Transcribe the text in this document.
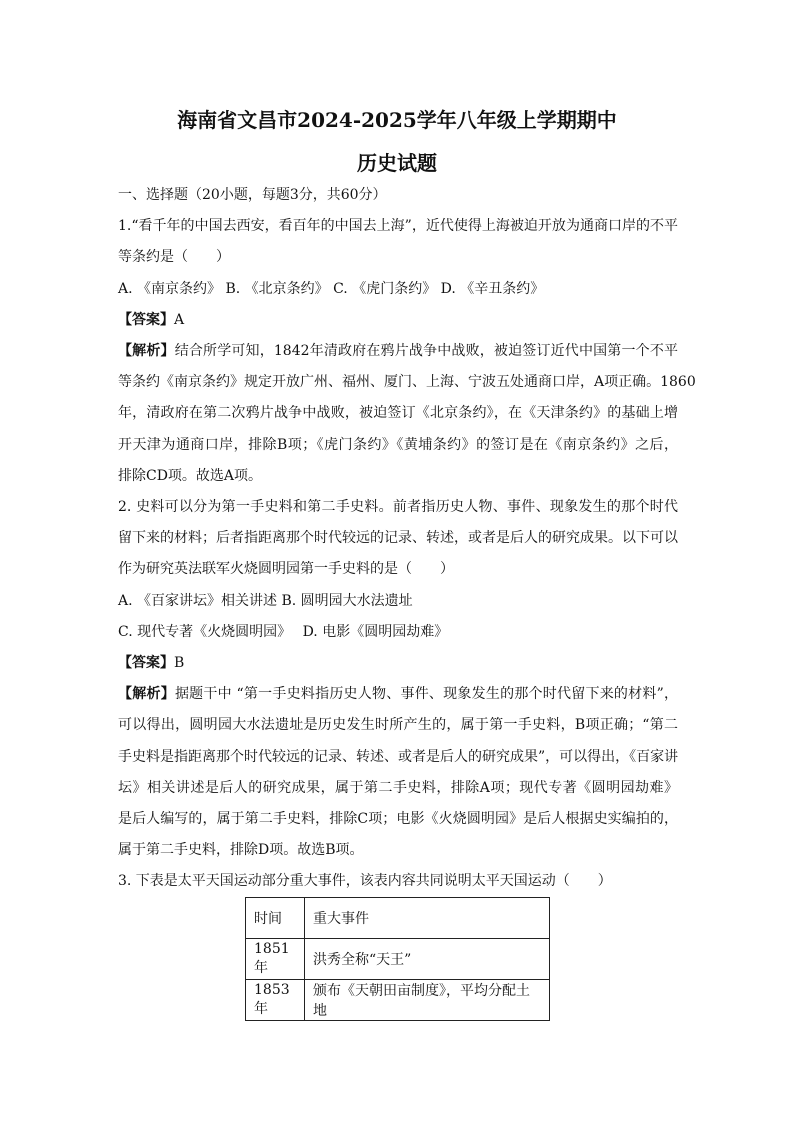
海南省文昌市2024-2025学年八年级上学期期中
历史试题
一、选择题（20小题，每题3分，共60分）
1.“看千年的中国去西安，看百年的中国去上海”，近代使得上海被迫开放为通商口岸的不平
等条约是（　　）
A. 《南京条约》 B. 《北京条约》 C. 《虎门条约》 D. 《辛丑条约》
【答案】A
【解析】结合所学可知，1842年清政府在鸦片战争中战败，被迫签订近代中国第一个不平
等条约《南京条约》规定开放广州、福州、厦门、上海、宁波五处通商口岸，A项正确。1860
年，清政府在第二次鸦片战争中战败，被迫签订《北京条约》，在《天津条约》的基础上增
开天津为通商口岸，排除B项；《虎门条约》《黄埔条约》的签订是在《南京条约》之后，
排除CD项。故选A项。
2. 史料可以分为第一手史料和第二手史料。前者指历史人物、事件、现象发生的那个时代
留下来的材料；后者指距离那个时代较远的记录、转述，或者是后人的研究成果。以下可以
作为研究英法联军火烧圆明园第一手史料的是（　　）
A. 《百家讲坛》相关讲述 B. 圆明园大水法遗址
C. 现代专著《火烧圆明园》　 D. 电影《圆明园劫难》
【答案】B
【解析】据题干中 “第一手史料指历史人物、事件、现象发生的那个时代留下来的材料”，
可以得出，圆明园大水法遗址是历史发生时所产生的，属于第一手史料，B项正确；“第二
手史料是指距离那个时代较远的记录、转述、或者是后人的研究成果”，可以得出，《百家讲
坛》相关讲述是后人的研究成果，属于第二手史料，排除A项；现代专著《圆明园劫难》
是后人编写的，属于第二手史料，排除C项；电影《火烧圆明园》是后人根据史实编拍的，
属于第二手史料，排除D项。故选B项。
3. 下表是太平天国运动部分重大事件，该表内容共同说明太平天国运动（　　）
时间	重大事件
1851年	洪秀全称“天王”
1853年	颁布《天朝田亩制度》，平均分配土地
